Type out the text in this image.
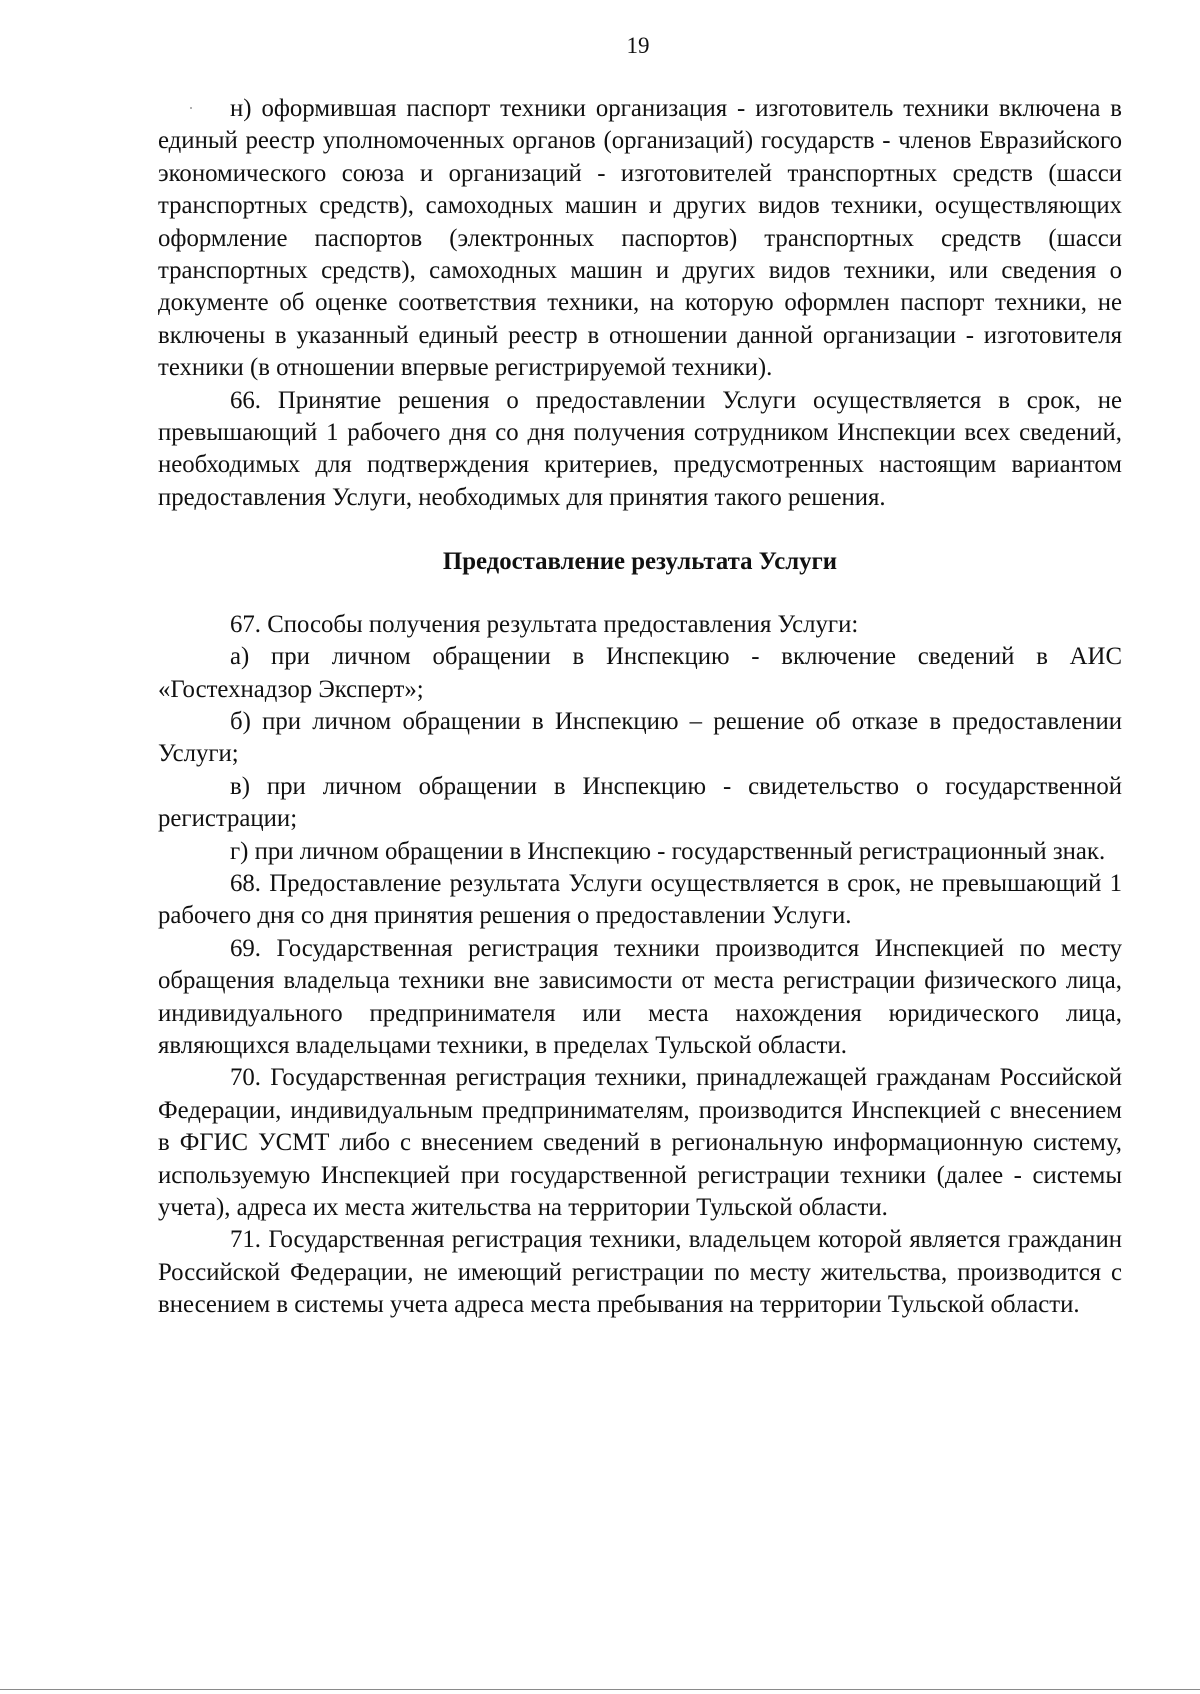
19

н) оформившая паспорт техники организация - изготовитель техники включена в единый реестр уполномоченных органов (организаций) государств - членов Евразийского экономического союза и организаций - изготовителей транспортных средств (шасси транспортных средств), самоходных машин и других видов техники, осуществляющих оформление паспортов (электронных паспортов) транспортных средств (шасси транспортных средств), самоходных машин и других видов техники, или сведения о документе об оценке соответствия техники, на которую оформлен паспорт техники, не включены в указанный единый реестр в отношении данной организации - изготовителя техники (в отношении впервые регистрируемой техники).

66. Принятие решения о предоставлении Услуги осуществляется в срок, не превышающий 1 рабочего дня со дня получения сотрудником Инспекции всех сведений, необходимых для подтверждения критериев, предусмотренных настоящим вариантом предоставления Услуги, необходимых для принятия такого решения.

Предоставление результата Услуги

67. Способы получения результата предоставления Услуги:

а) при личном обращении в Инспекцию - включение сведений в АИС «Гостехнадзор Эксперт»;

б) при личном обращении в Инспекцию – решение об отказе в предоставлении Услуги;

в) при личном обращении в Инспекцию - свидетельство о государственной регистрации;

г) при личном обращении в Инспекцию - государственный регистрационный знак.

68. Предоставление результата Услуги осуществляется в срок, не превышающий 1 рабочего дня со дня принятия решения о предоставлении Услуги.

69. Государственная регистрация техники производится Инспекцией по месту обращения владельца техники вне зависимости от места регистрации физического лица, индивидуального предпринимателя или места нахождения юридического лица, являющихся владельцами техники, в пределах Тульской области.

70. Государственная регистрация техники, принадлежащей гражданам Российской Федерации, индивидуальным предпринимателям, производится Инспекцией с внесением в ФГИС УСМТ либо с внесением сведений в региональную информационную систему, используемую Инспекцией при государственной регистрации техники (далее - системы учета), адреса их места жительства на территории Тульской области.

71. Государственная регистрация техники, владельцем которой является гражданин Российской Федерации, не имеющий регистрации по месту жительства, производится с внесением в системы учета адреса места пребывания на территории Тульской области.
